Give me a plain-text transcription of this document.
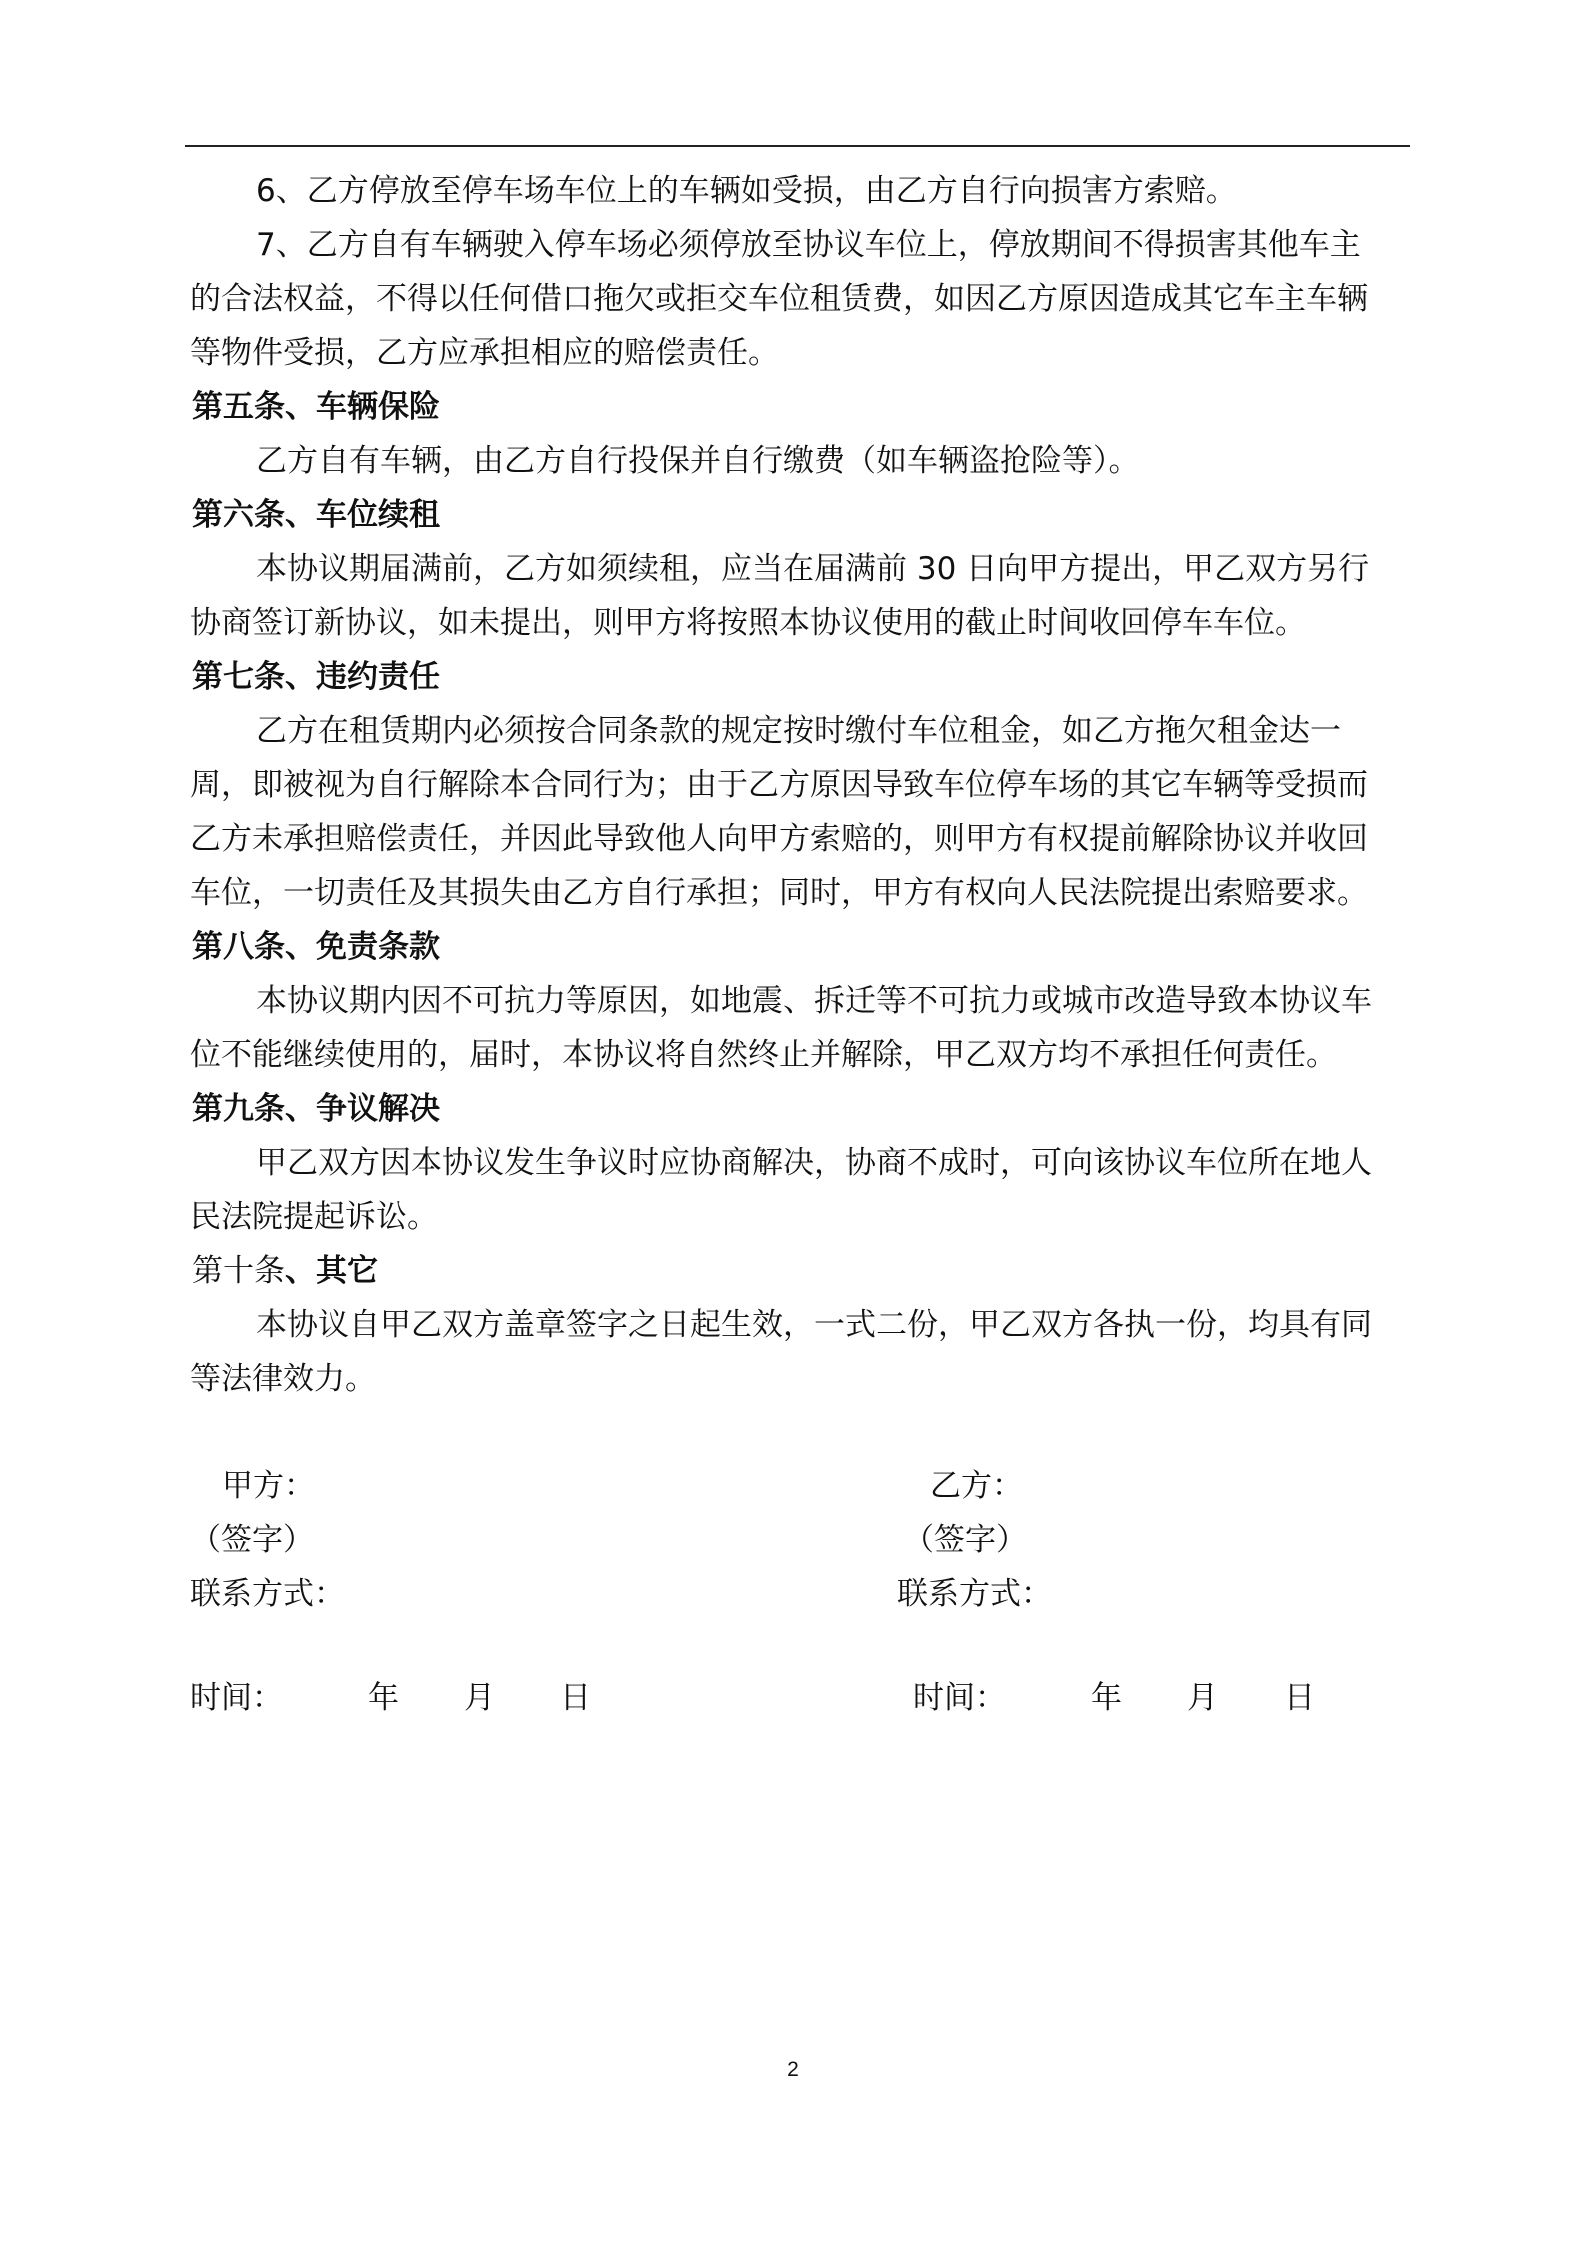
6、乙方停放至停车场车位上的车辆如受损，由乙方自行向损害方索赔。
7、乙方自有车辆驶入停车场必须停放至协议车位上，停放期间不得损害其他车主
的合法权益，不得以任何借口拖欠或拒交车位租赁费，如因乙方原因造成其它车主车辆
等物件受损，乙方应承担相应的赔偿责任。
第五条、车辆保险
乙方自有车辆，由乙方自行投保并自行缴费（如车辆盗抢险等）。
第六条、车位续租
本协议期届满前，乙方如须续租，应当在届满前 30 日向甲方提出，甲乙双方另行
协商签订新协议，如未提出，则甲方将按照本协议使用的截止时间收回停车车位。
第七条、违约责任
乙方在租赁期内必须按合同条款的规定按时缴付车位租金，如乙方拖欠租金达一
周，即被视为自行解除本合同行为；由于乙方原因导致车位停车场的其它车辆等受损而
乙方未承担赔偿责任，并因此导致他人向甲方索赔的，则甲方有权提前解除协议并收回
车位，一切责任及其损失由乙方自行承担；同时，甲方有权向人民法院提出索赔要求。
第八条、免责条款
本协议期内因不可抗力等原因，如地震、拆迁等不可抗力或城市改造导致本协议车
位不能继续使用的，届时，本协议将自然终止并解除，甲乙双方均不承担任何责任。
第九条、争议解决
甲乙双方因本协议发生争议时应协商解决，协商不成时，可向该协议车位所在地人
民法院提起诉讼。
第十条、其它
本协议自甲乙双方盖章签字之日起生效，一式二份，甲乙双方各执一份，均具有同
等法律效力。
甲方：
（签字）
联系方式：
时间：	年 月 日
乙方：
（签字）
联系方式：
时间：	年 月 日
2
